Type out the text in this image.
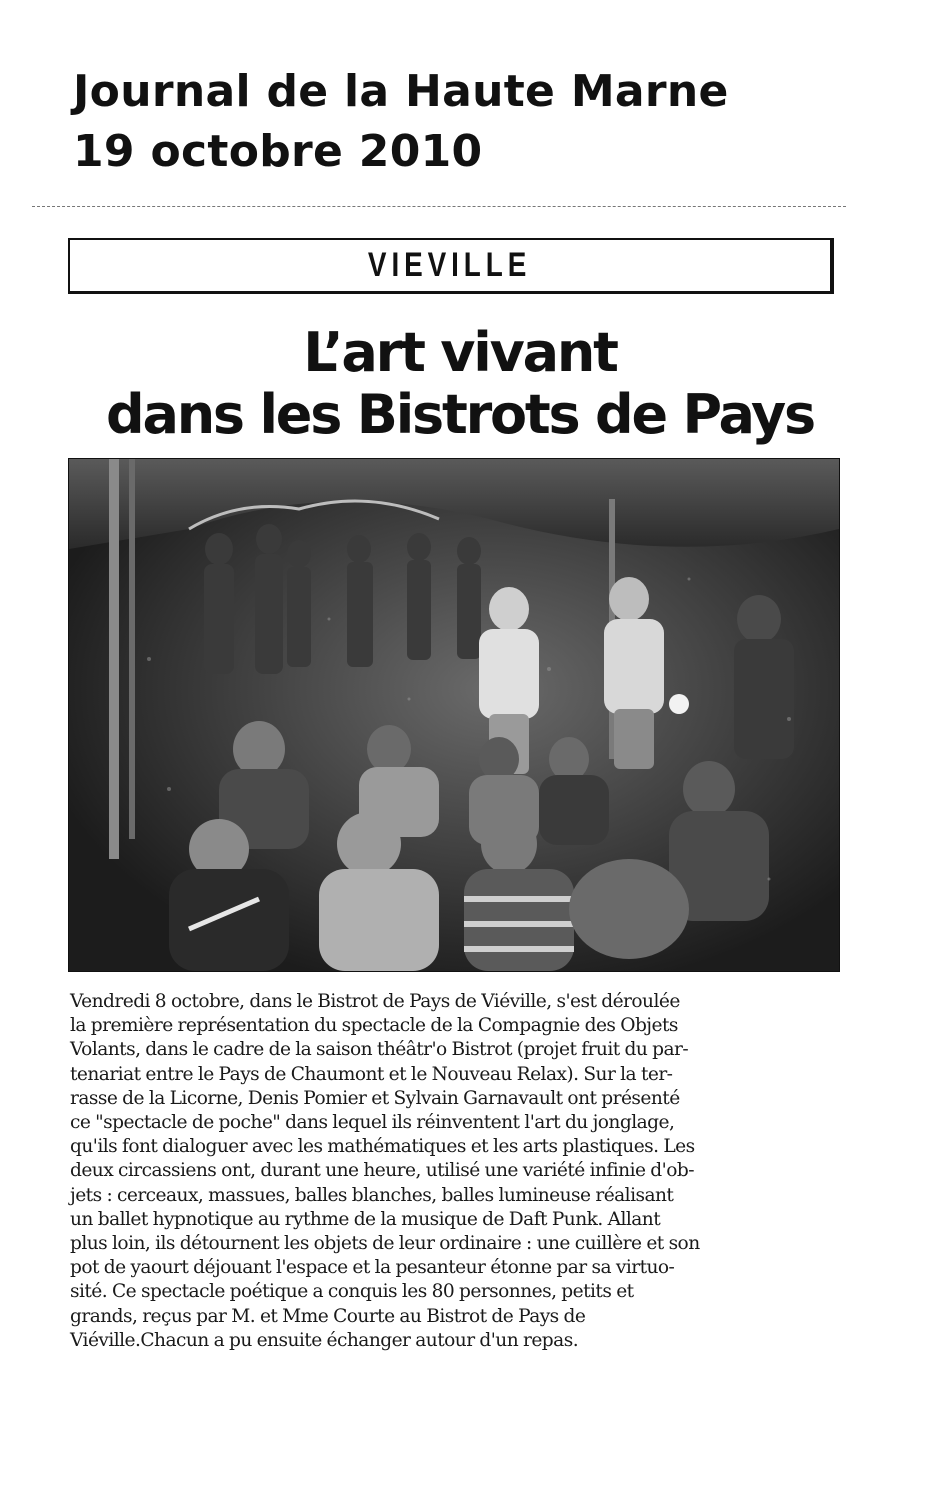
Journal de la Haute Marne
19 octobre 2010
VIEVILLE
L’art vivant
dans les Bistrots de Pays
Vendredi 8 octobre, dans le Bistrot de Pays de Viéville, s'est déroulée
la première représentation du spectacle de la Compagnie des Objets
Volants, dans le cadre de la saison théâtr'o Bistrot (projet fruit du par-
tenariat entre le Pays de Chaumont et le Nouveau Relax). Sur la ter-
rasse de la Licorne, Denis Pomier et Sylvain Garnavault ont présenté
ce "spectacle de poche" dans lequel ils réinventent l'art du jonglage,
qu'ils font dialoguer avec les mathématiques et les arts plastiques. Les
deux circassiens ont, durant une heure, utilisé une variété infinie d'ob-
jets : cerceaux, massues, balles blanches, balles lumineuse réalisant
un ballet hypnotique au rythme de la musique de Daft Punk. Allant
plus loin, ils détournent les objets de leur ordinaire : une cuillère et son
pot de yaourt déjouant l'espace et la pesanteur étonne par sa virtuo-
sité. Ce spectacle poétique a conquis les 80 personnes, petits et
grands, reçus par M. et Mme Courte au Bistrot de Pays de
Viéville.Chacun a pu ensuite échanger autour d'un repas.
